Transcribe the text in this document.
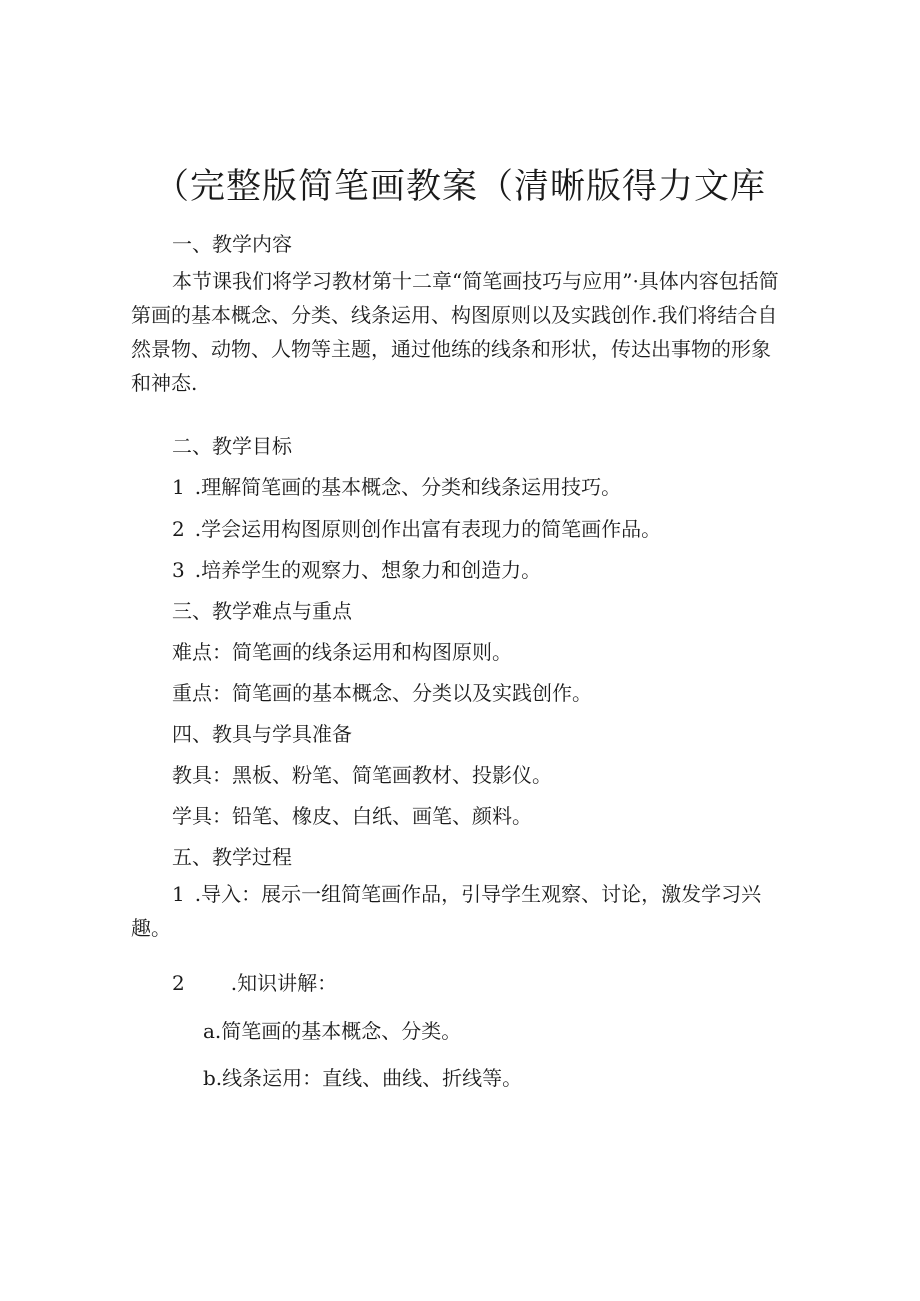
（完整版简笔画教案（清晰版得力文库
一、教学内容
本节课我们将学习教材第十二章“简笔画技巧与应用”·具体内容包括简第画的基本概念、分类、线条运用、构图原则以及实践创作.我们将结合自然景物、动物、人物等主题，通过他练的线条和形状，传达出事物的形象和神态.
二、教学目标
1 .理解简笔画的基本概念、分类和线条运用技巧。
2 .学会运用构图原则创作出富有表现力的简笔画作品。
3 .培养学生的观察力、想象力和创造力。
三、教学难点与重点
难点：简笔画的线条运用和构图原则。
重点：简笔画的基本概念、分类以及实践创作。
四、教具与学具准备
教具：黑板、粉笔、简笔画教材、投影仪。
学具：铅笔、橡皮、白纸、画笔、颜料。
五、教学过程
1 .导入：展示一组简笔画作品，引导学生观察、讨论，激发学习兴趣。
2 .知识讲解：
a.简笔画的基本概念、分类。
b.线条运用：直线、曲线、折线等。
